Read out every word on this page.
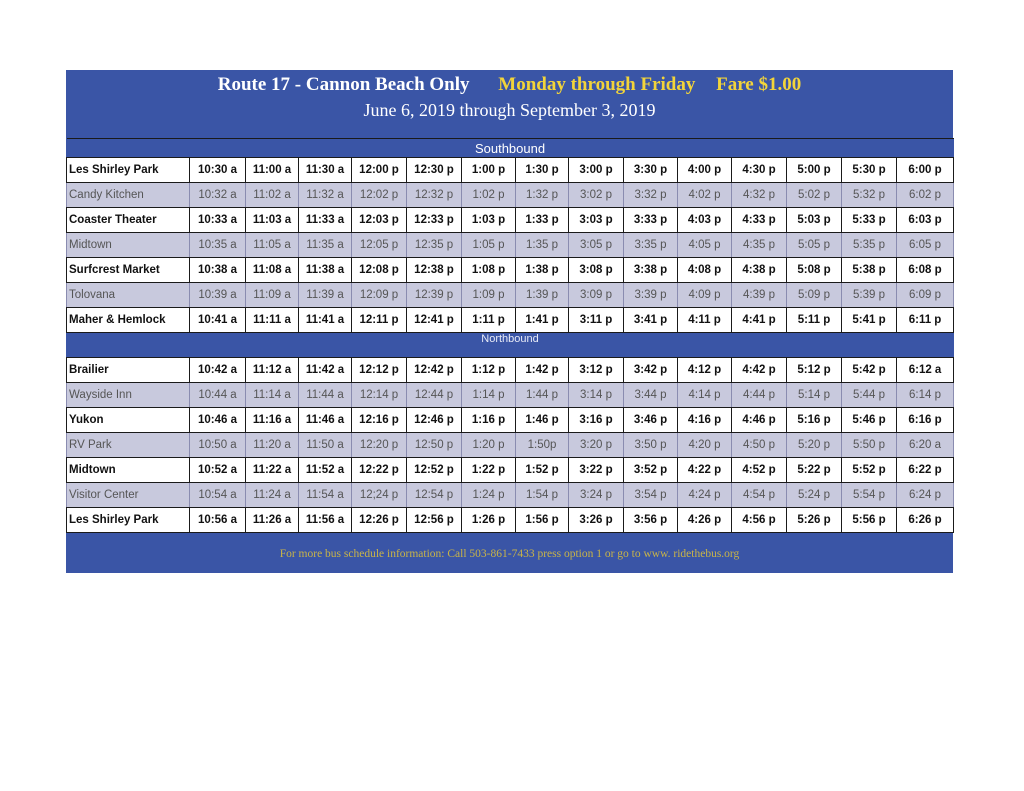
Route 17 - Cannon Beach Only Monday through Friday Fare $1.00
June 6, 2019 through September 3, 2019
Southbound														
Les Shirley Park	10:30 a	11:00 a	11:30 a	12:00 p	12:30 p	1:00 p	1:30 p	3:00 p	3:30 p	4:00 p	4:30 p	5:00 p	5:30 p	6:00 p
Candy Kitchen	10:32 a	11:02 a	11:32 a	12:02 p	12:32 p	1:02 p	1:32 p	3:02 p	3:32 p	4:02 p	4:32 p	5:02 p	5:32 p	6:02 p
Coaster Theater	10:33 a	11:03 a	11:33 a	12:03 p	12:33 p	1:03 p	1:33 p	3:03 p	3:33 p	4:03 p	4:33 p	5:03 p	5:33 p	6:03 p
Midtown	10:35 a	11:05 a	11:35 a	12:05 p	12:35 p	1:05 p	1:35 p	3:05 p	3:35 p	4:05 p	4:35 p	5:05 p	5:35 p	6:05 p
Surfcrest Market	10:38 a	11:08 a	11:38 a	12:08 p	12:38 p	1:08 p	1:38 p	3:08 p	3:38 p	4:08 p	4:38 p	5:08 p	5:38 p	6:08 p
Tolovana	10:39 a	11:09 a	11:39 a	12:09 p	12:39 p	1:09 p	1:39 p	3:09 p	3:39 p	4:09 p	4:39 p	5:09 p	5:39 p	6:09 p
Maher & Hemlock	10:41 a	11:11 a	11:41 a	12:11 p	12:41 p	1:11 p	1:41 p	3:11 p	3:41 p	4:11 p	4:41 p	5:11 p	5:41 p	6:11 p
Northbound														
Brailier	10:42 a	11:12 a	11:42 a	12:12 p	12:42 p	1:12 p	1:42 p	3:12 p	3:42 p	4:12 p	4:42 p	5:12 p	5:42 p	6:12 a
Wayside Inn	10:44 a	11:14 a	11:44 a	12:14 p	12:44 p	1:14 p	1:44 p	3:14 p	3:44 p	4:14 p	4:44 p	5:14 p	5:44 p	6:14 p
Yukon	10:46 a	11:16 a	11:46 a	12:16 p	12:46 p	1:16 p	1:46 p	3:16 p	3:46 p	4:16 p	4:46 p	5:16 p	5:46 p	6:16 p
RV Park	10:50 a	11:20 a	11:50 a	12:20 p	12:50 p	1:20 p	1:50p	3:20 p	3:50 p	4:20 p	4:50 p	5:20 p	5:50 p	6:20 a
Midtown	10:52 a	11:22 a	11:52 a	12:22 p	12:52 p	1:22 p	1:52 p	3:22 p	3:52 p	4:22 p	4:52 p	5:22 p	5:52 p	6:22 p
Visitor Center	10:54 a	11:24 a	11:54 a	12;24 p	12:54 p	1:24 p	1:54 p	3:24 p	3:54 p	4:24 p	4:54 p	5:24 p	5:54 p	6:24 p
Les Shirley Park	10:56 a	11:26 a	11:56 a	12:26 p	12:56 p	1:26 p	1:56 p	3:26 p	3:56 p	4:26 p	4:56 p	5:26 p	5:56 p	6:26 p
For more bus schedule information: Call 503-861-7433 press option 1 or go to www. ridethebus.org
